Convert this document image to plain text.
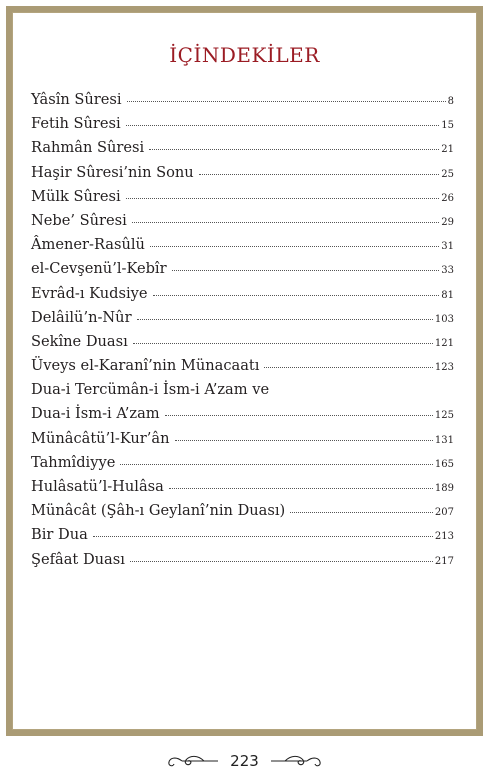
İÇİNDEKİLER
Yâsîn Sûresi	8
Fetih Sûresi	15
Rahmân Sûresi	21
Haşir Sûresi’nin Sonu	25
Mülk Sûresi	26
Nebe’ Sûresi	29
Âmener-Rasûlü	31
el-Cevşenü’l-Kebîr	33
Evrâd-ı Kudsiye	81
Delâilü’n-Nûr	103
Sekîne Duası	121
Üveys el-Karanî’nin Münacaatı	123
Dua-i Tercümân-i İsm-i A’zam ve
Dua-i İsm-i A’zam	125
Münâcâtü’l-Kur’ân	131
Tahmîdiyye	165
Hulâsatü’l-Hulâsa	189
Münâcât (Şâh-ı Geylanî’nin Duası)	207
Bir Dua	213
Şefâat Duası	217
223
